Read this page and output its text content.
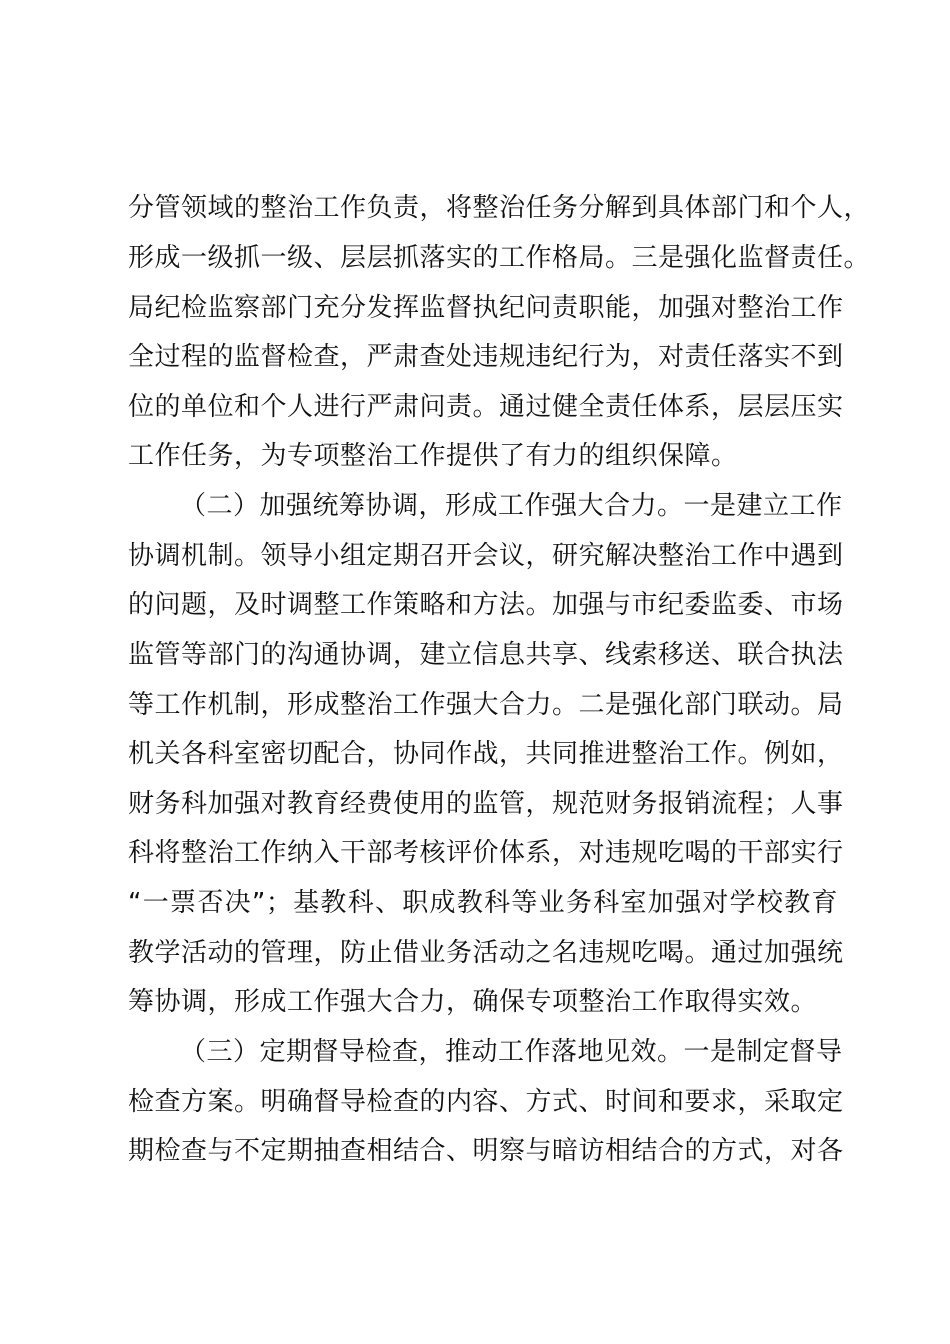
分管领域的整治工作负责，将整治任务分解到具体部门和个人，
形成一级抓一级、层层抓落实的工作格局。三是强化监督责任。
局纪检监察部门充分发挥监督执纪问责职能，加强对整治工作
全过程的监督检查，严肃查处违规违纪行为，对责任落实不到
位的单位和个人进行严肃问责。通过健全责任体系，层层压实
工作任务，为专项整治工作提供了有力的组织保障。
（二）加强统筹协调，形成工作强大合力。一是建立工作
协调机制。领导小组定期召开会议，研究解决整治工作中遇到
的问题，及时调整工作策略和方法。加强与市纪委监委、市场
监管等部门的沟通协调，建立信息共享、线索移送、联合执法
等工作机制，形成整治工作强大合力。二是强化部门联动。局
机关各科室密切配合，协同作战，共同推进整治工作。例如，
财务科加强对教育经费使用的监管，规范财务报销流程；人事
科将整治工作纳入干部考核评价体系，对违规吃喝的干部实行
“一票否决”；基教科、职成教科等业务科室加强对学校教育
教学活动的管理，防止借业务活动之名违规吃喝。通过加强统
筹协调，形成工作强大合力，确保专项整治工作取得实效。
（三）定期督导检查，推动工作落地见效。一是制定督导
检查方案。明确督导检查的内容、方式、时间和要求，采取定
期检查与不定期抽查相结合、明察与暗访相结合的方式，对各
